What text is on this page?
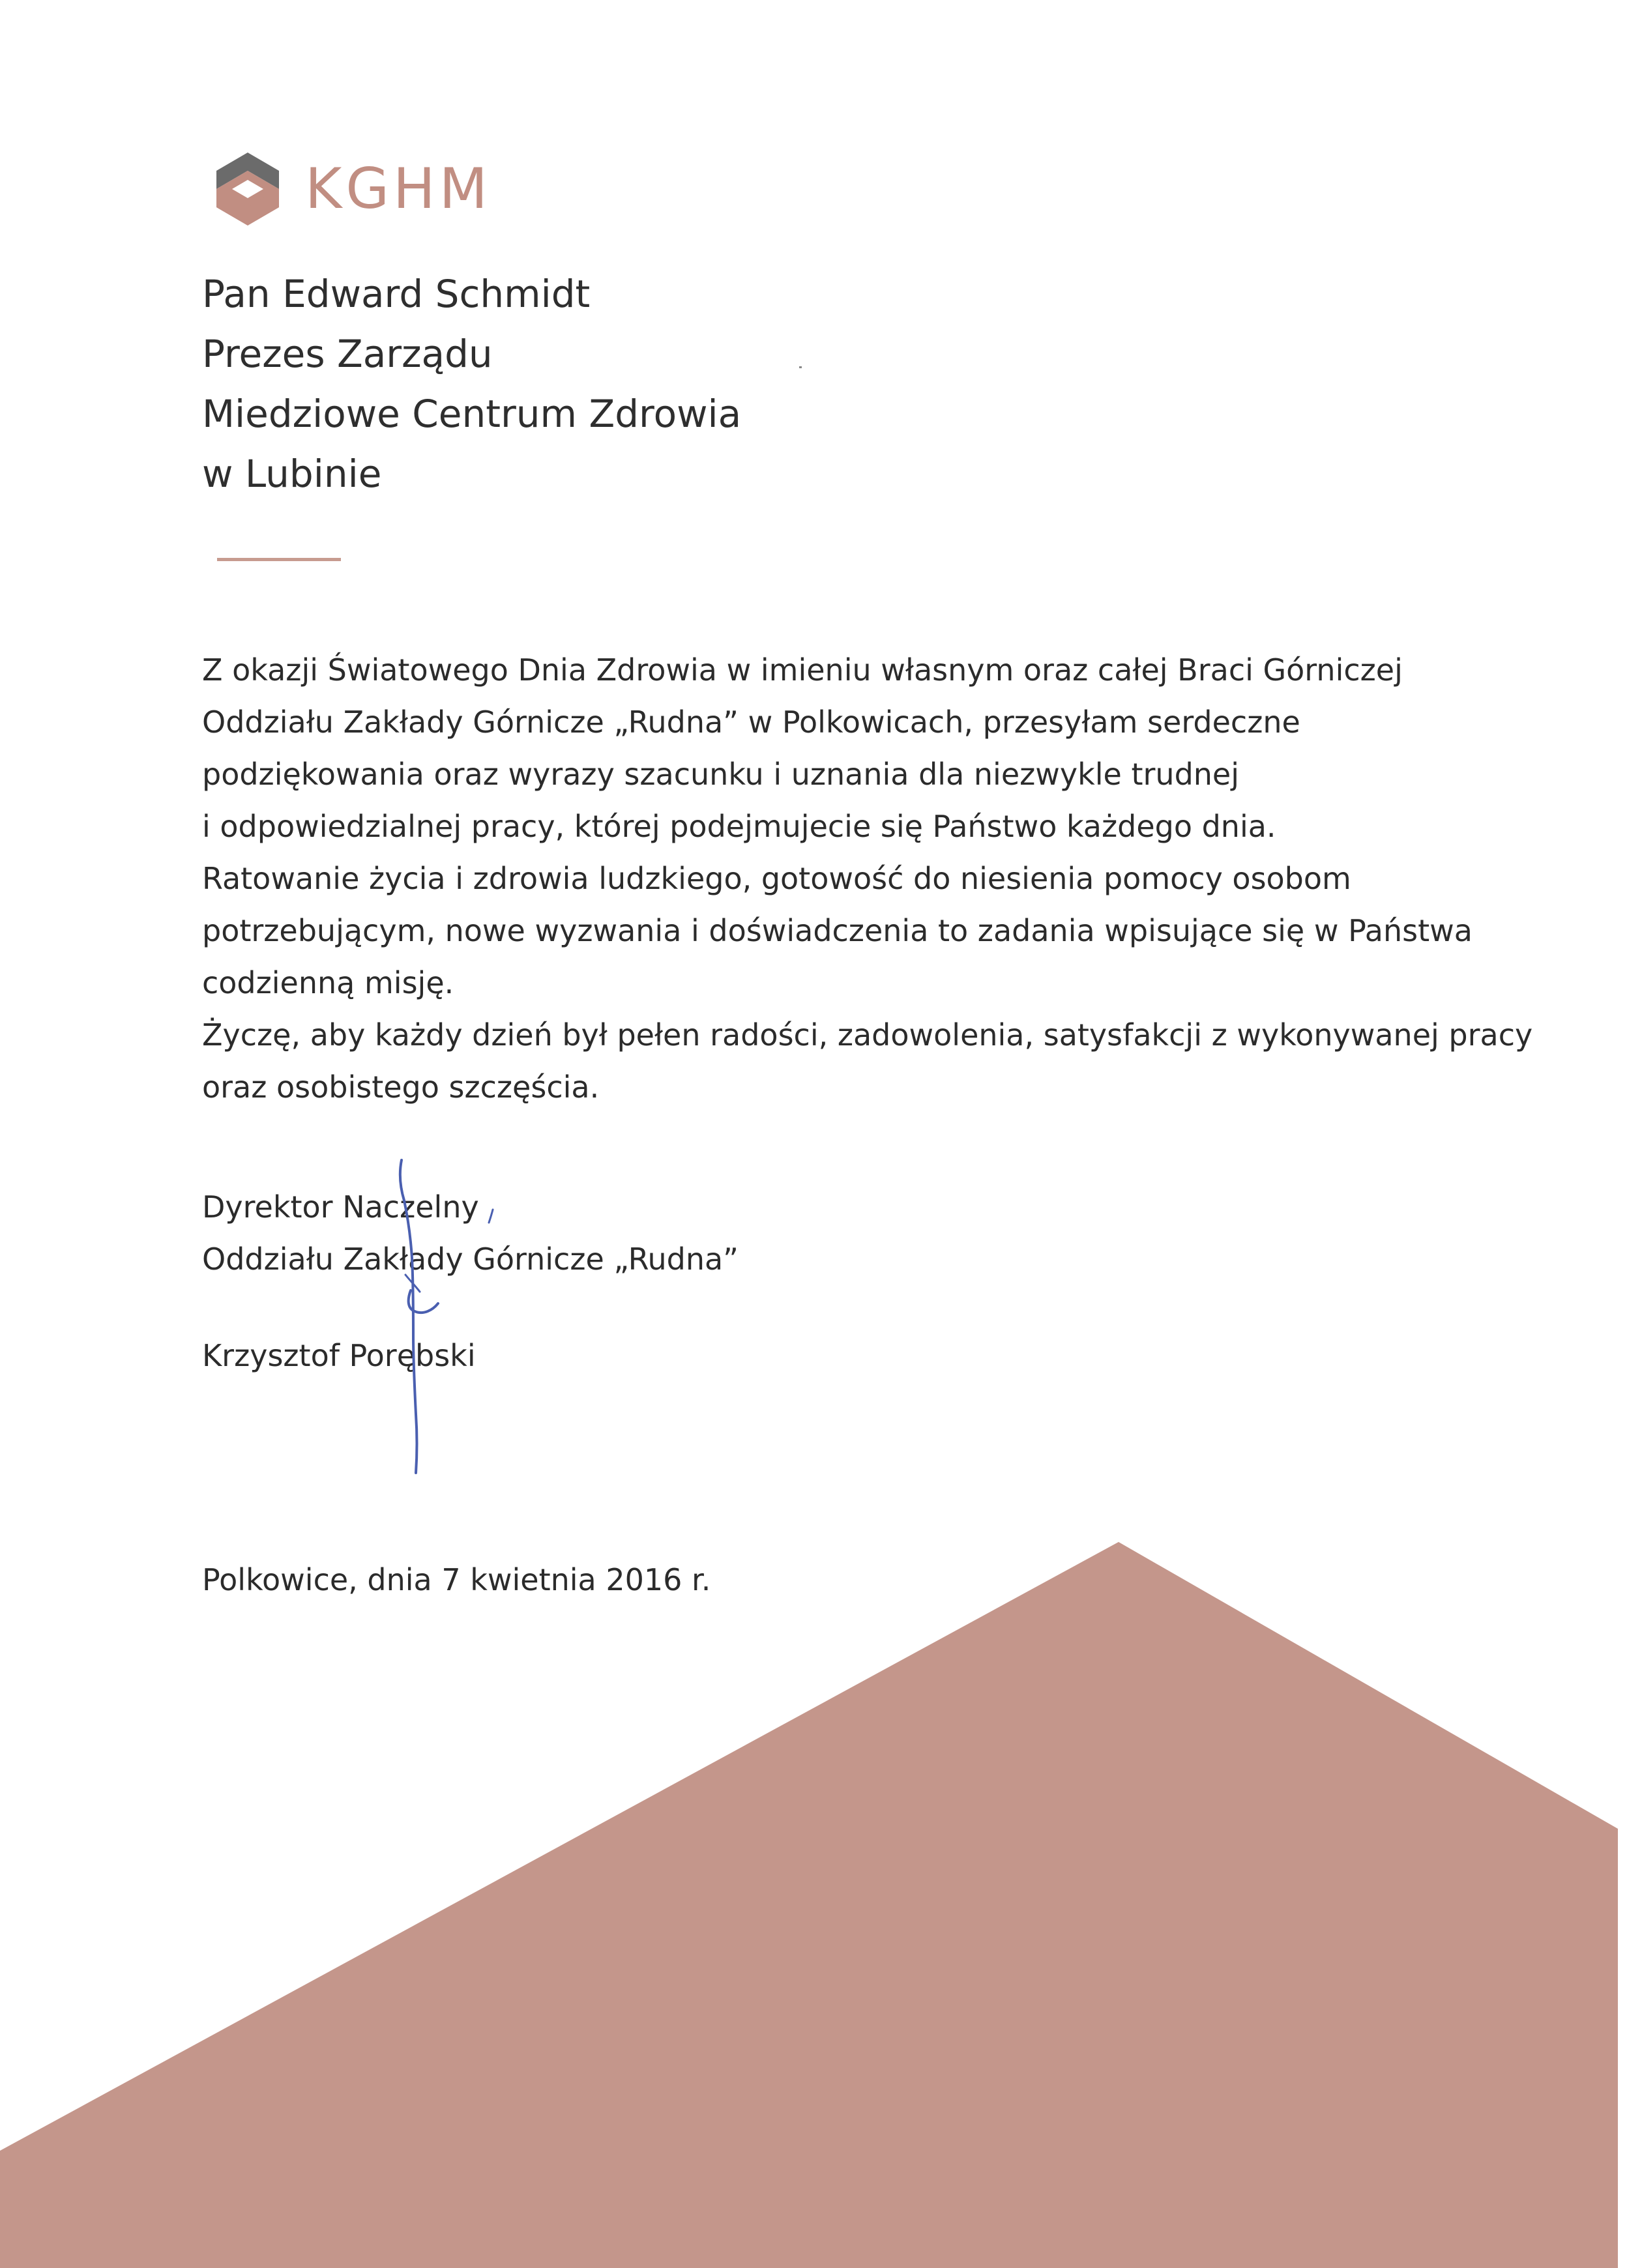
KGHM
Pan Edward Schmidt
Prezes Zarządu
Miedziowe Centrum Zdrowia
w Lubinie
Z okazji Światowego Dnia Zdrowia w imieniu własnym oraz całej Braci Górniczej
Oddziału Zakłady Górnicze „Rudna” w Polkowicach, przesyłam serdeczne
podziękowania oraz wyrazy szacunku i uznania dla niezwykle trudnej
i odpowiedzialnej pracy, której podejmujecie się Państwo każdego dnia.
Ratowanie życia i zdrowia ludzkiego, gotowość do niesienia pomocy osobom
potrzebującym, nowe wyzwania i doświadczenia to zadania wpisujące się w Państwa
codzienną misję.
Życzę, aby każdy dzień był pełen radości, zadowolenia, satysfakcji z wykonywanej pracy
oraz osobistego szczęścia.
Dyrektor Naczelny
Oddziału Zakłady Górnicze „Rudna”
Krzysztof Porębski
Polkowice, dnia 7 kwietnia 2016 r.
